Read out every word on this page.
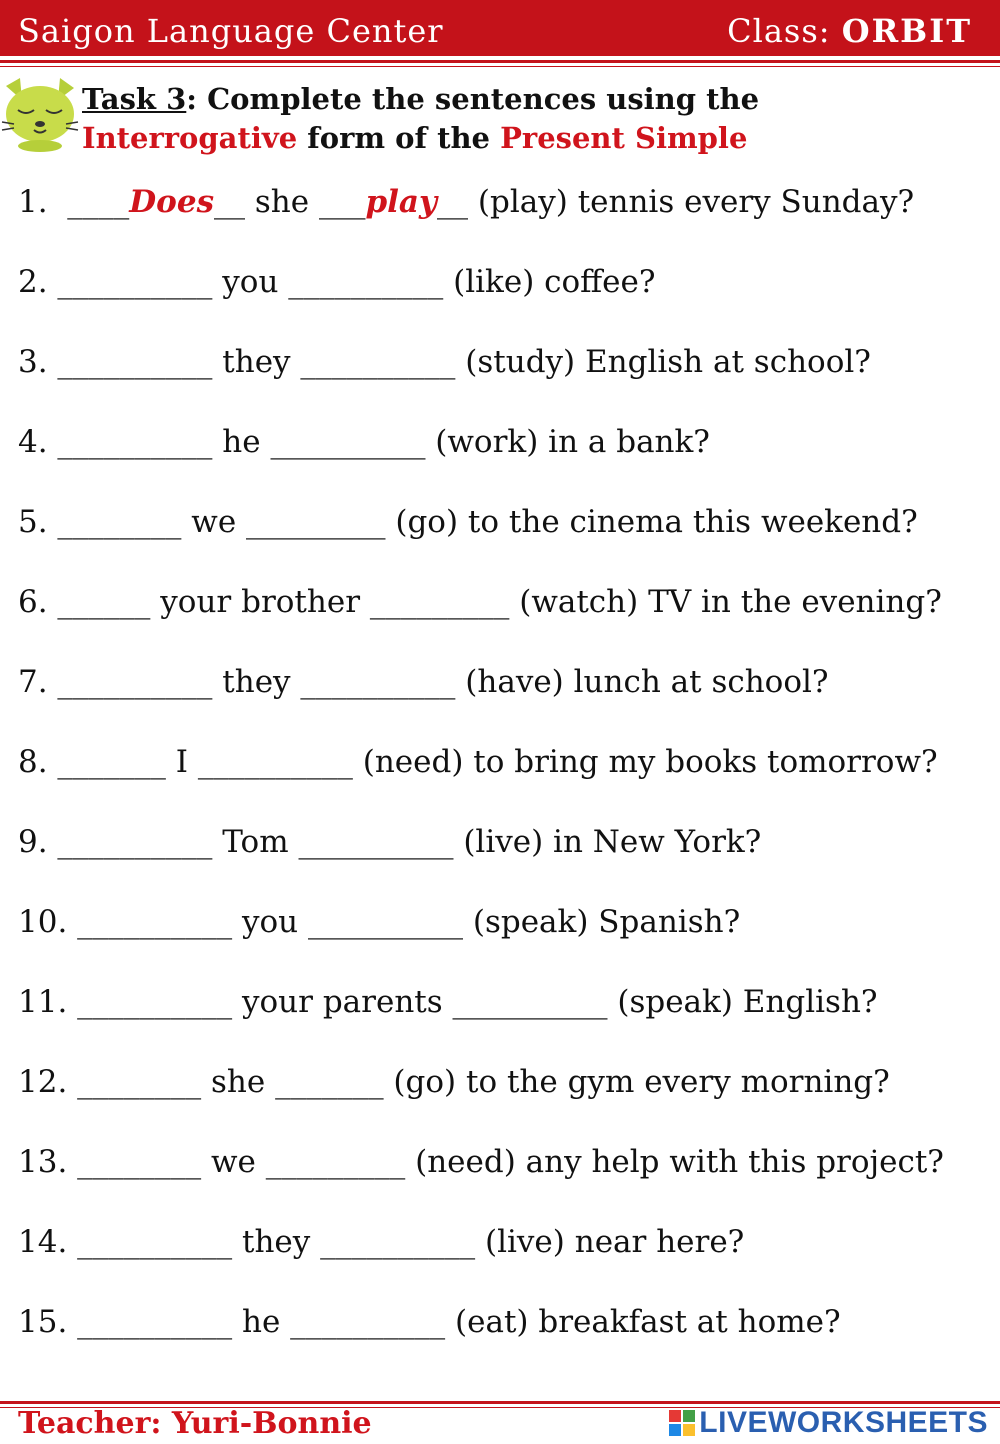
Saigon Language Center	Class: ORBIT
Task 3: Complete the sentences using the
Interrogative form of the Present Simple
1.  ____Does__ she ___play__ (play) tennis every Sunday?
2. __________ you __________ (like) coffee?
3. __________ they __________ (study) English at school?
4. __________ he __________ (work) in a bank?
5. ________ we _________ (go) to the cinema this weekend?
6. ______ your brother _________ (watch) TV in the evening?
7. __________ they __________ (have) lunch at school?
8. _______ I __________ (need) to bring my books tomorrow?
9. __________ Tom __________ (live) in New York?
10. __________ you __________ (speak) Spanish?
11. __________ your parents __________ (speak) English?
12. ________ she _______ (go) to the gym every morning?
13. ________ we _________ (need) any help with this project?
14. __________ they __________ (live) near here?
15. __________ he __________ (eat) breakfast at home?
Teacher: Yuri-Bonnie	LIVEWORKSHEETS
